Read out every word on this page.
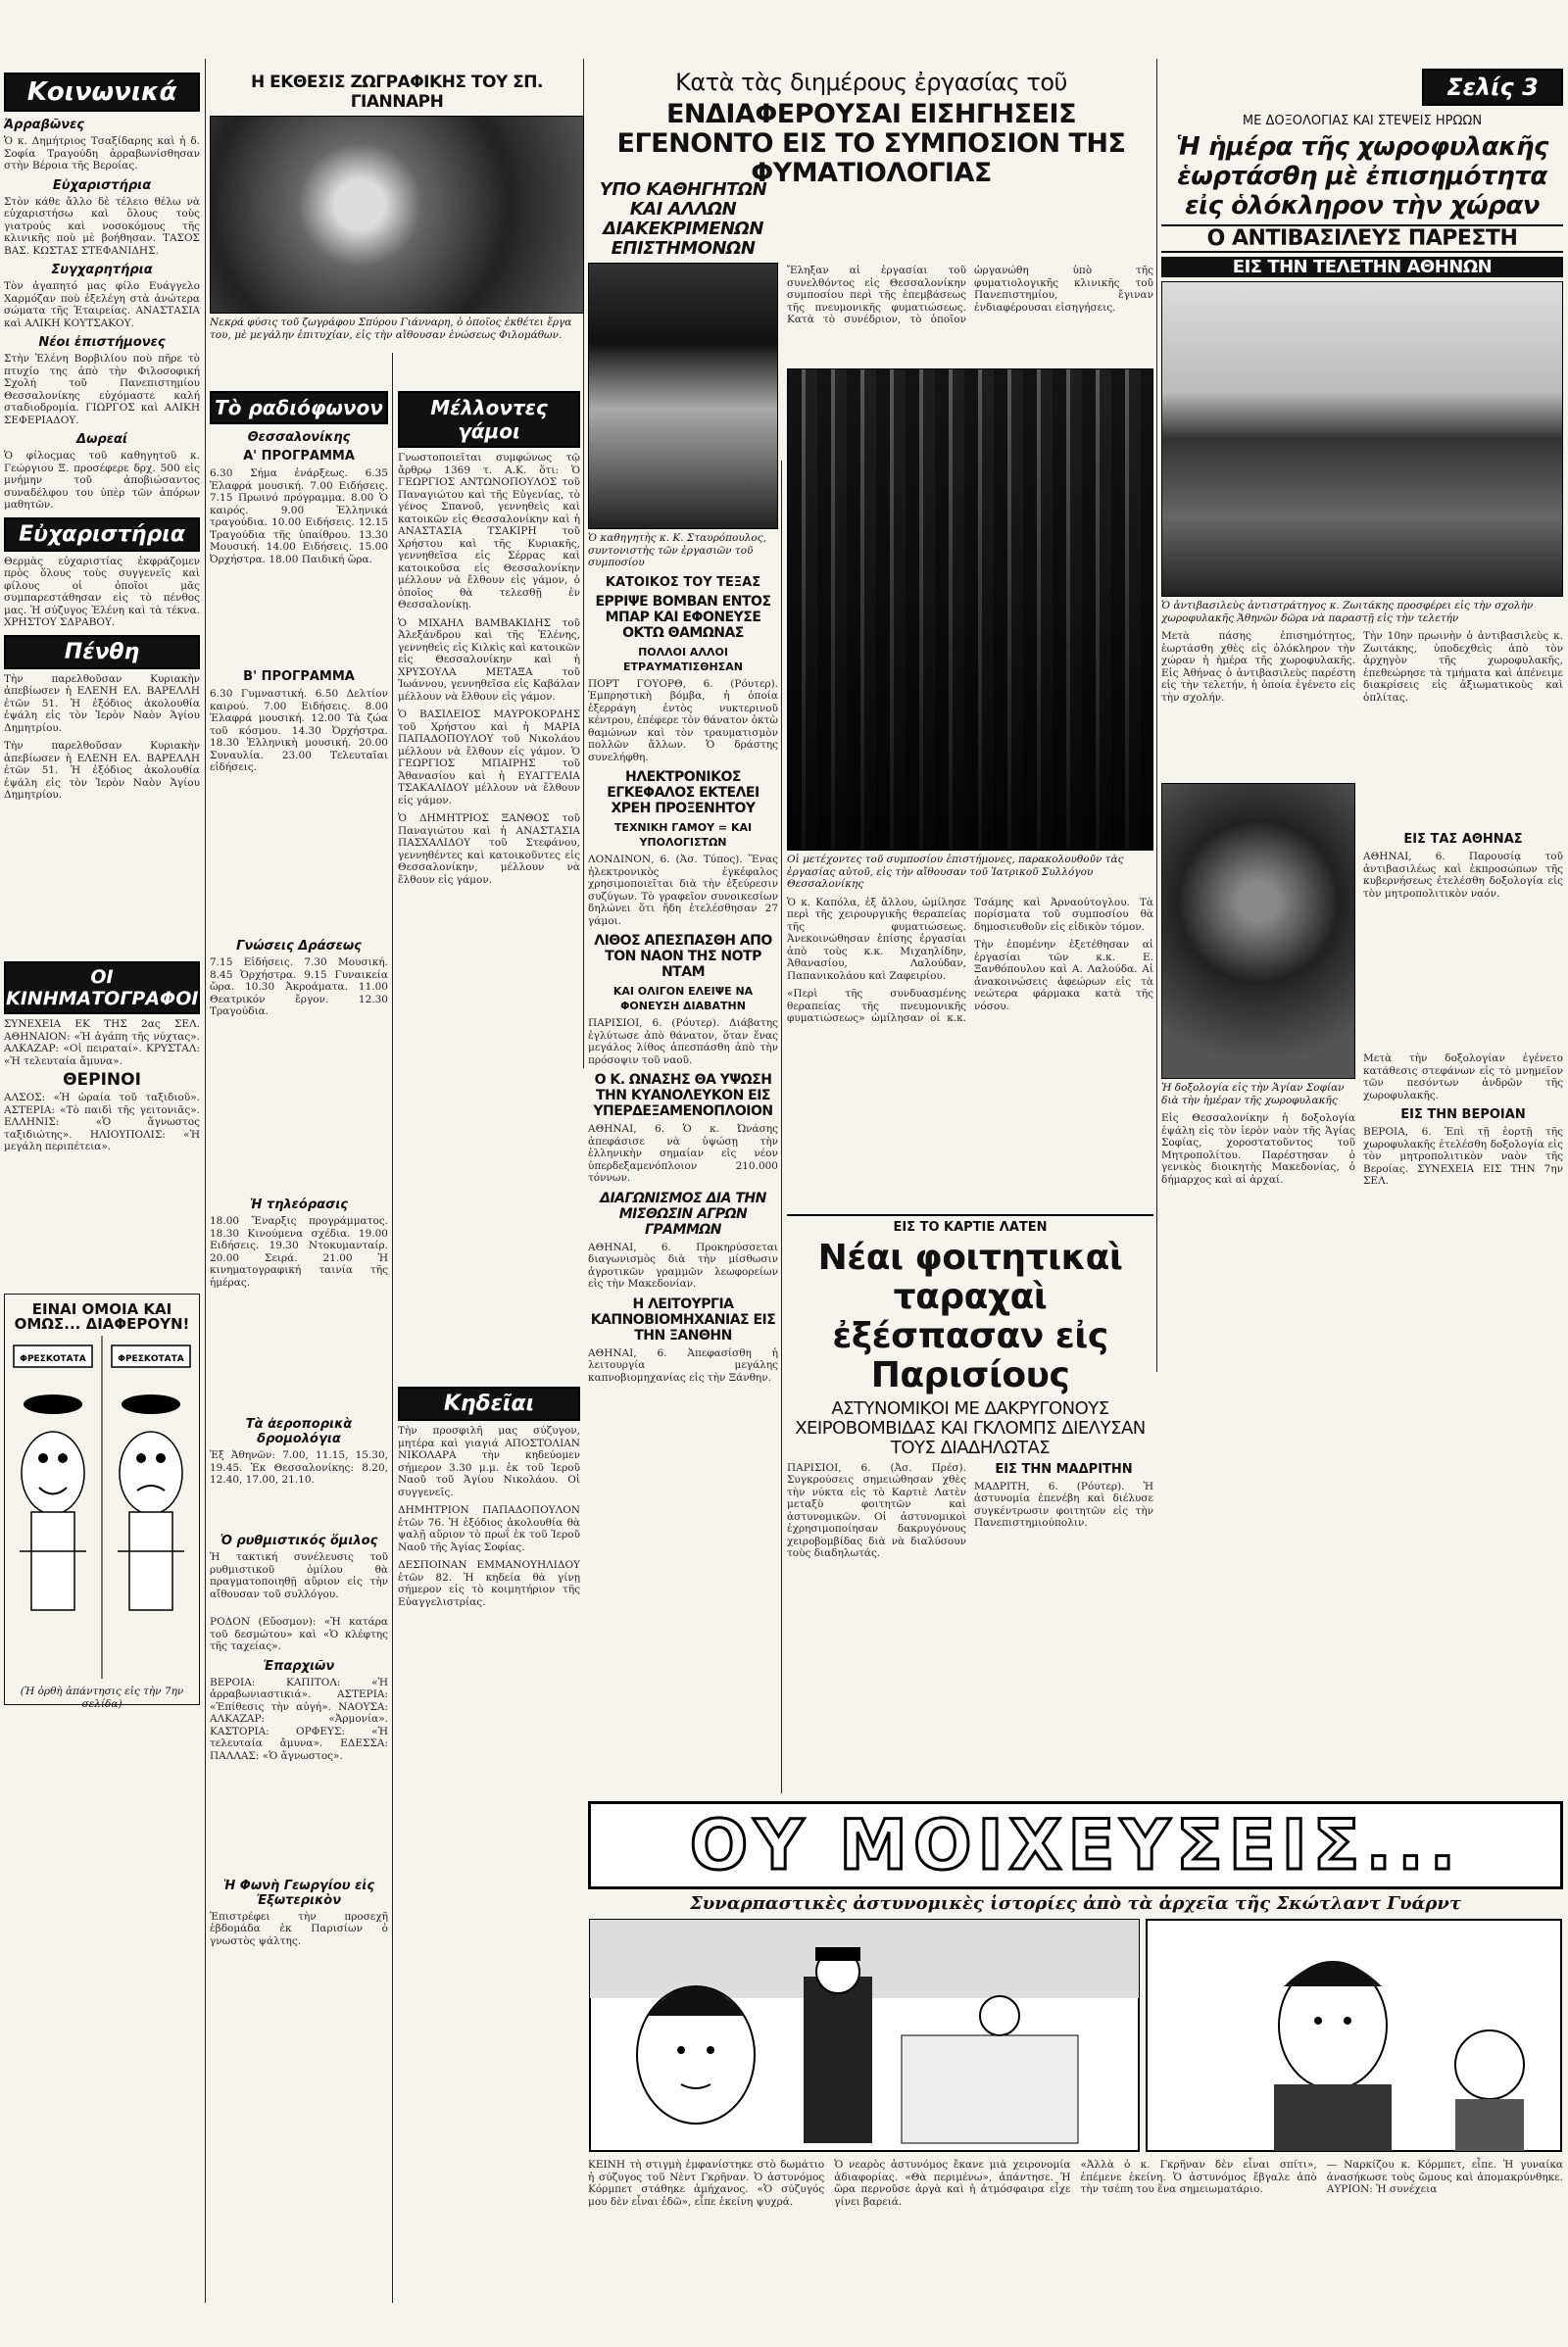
Κοινωνικά
Ἀρραβῶνες

Ὁ κ. Δημήτριος Τσαξίδαρης καὶ ἡ δ. Σοφία Τραγούδη ἀρραβωνίσθησαν στὴν Βέροια τῆς Βεροίας.

Εὐχαριστήρια

Στὸν κάθε ἄλλο δὲ τέλειο θέλω νὰ εὐχαριστήσω καὶ ὅλους τοὺς γιατρούς καὶ νοσοκόμους τῆς κλινικῆς ποὺ μὲ βοήθησαν. ΤΑΣΟΣ ΒΑΣ. ΚΩΣΤΑΣ ΣΤΕΦΑΝΙΔΗΣ.

Συγχαρητήρια

Τὸν ἀγαπητό μας φίλο Ευάγγελο Χαρμόζαν ποὺ ἐξελέγη στὰ ἀνώτερα σώματα τῆς Ἑταιρείας. ΑΝΑΣΤΑΣΙΑ καὶ ΑΛΙΚΗ ΚΟΥΤΣΑΚΟΥ.

Νέοι ἐπιστήμονες

Στὴν Ἐλένη Βορβιλίου ποὺ πῆρε τὸ πτυχίο της ἀπὸ τὴν Φιλοσοφική Σχολή τοῦ Πανεπιστημίου Θεσσαλονίκης εὐχόμαστε καλή σταδιοδρομία. ΓΙΩΡΓΟΣ καὶ ΑΛΙΚΗ ΣΕΦΕΡΙΑΔΟΥ.

Δωρεαί

Ὁ φίλοςμας τοῦ καθηγητοῦ κ. Γεώργιου Ξ. προσέφερε δρχ. 500 εἰς μνήμην τοῦ ἀποβιώσαντος συναδέλφου του ὑπὲρ τῶν ἀπόρων μαθητῶν.

Εὐχαριστήρια

Θερμὰς εὐχαριστίας ἐκφράζομεν πρὸς ὅλους τοὺς συγγενεῖς καὶ φίλους οἱ ὁποῖοι μᾶς συμπαρεστάθησαν εἰς τὸ πένθος μας. Ἡ σύζυγος Ἐλένη καὶ τὰ τέκνα. ΧΡΗΣΤΟΥ ΣΔΡΑΒΟΥ.

Πένθη

Τὴν παρελθοῦσαν Κυριακὴν ἀπεβίωσεν ἡ ΕΛΕΝΗ ΕΛ. ΒΑΡΕΛΛΗ ἐτῶν 51. Ἡ ἐξόδιος ἀκολουθία ἐψάλη εἰς τὸν Ἱερὸν Ναὸν Ἁγίου Δημητρίου.

Τὴν παρελθοῦσαν Κυριακὴν ἀπεβίωσεν ἡ ΕΛΕΝΗ ΕΛ. ΒΑΡΕΛΛΗ ἐτῶν 51. Ἡ ἐξόδιος ἀκολουθία ἐψάλη εἰς τὸν Ἱερὸν Ναὸν Ἁγίου Δημητρίου.

ΟΙ ΚΙΝΗΜΑΤΟΓΡΑΦΟΙ

ΣΥΝΕΧΕΙΑ ΕΚ ΤΗΣ 2ας ΣΕΛ. ΑΘΗΝΑΙΟΝ: «Ἡ ἀγάπη τῆς νύχτας». ΑΛΚΑΖΑΡ: «Οἱ πειραταί». ΚΡΥΣΤΑΛ: «Ἡ τελευταία ἄμυνα».

ΘΕΡΙΝΟΙ

ΑΛΣΟΣ: «Ἡ ὡραία τοῦ ταξιδιοῦ». ΑΣΤΕΡΙΑ: «Τὸ παιδὶ τῆς γειτονιᾶς». ΕΛΛΗΝΙΣ: «Ὁ ἄγνωστος ταξιδιώτης». ΗΛΙΟΥΠΟΛΙΣ: «Ἡ μεγάλη περιπέτεια».

ΕΙΝΑΙ ΟΜΟΙΑ ΚΑΙ ΟΜΩΣ... ΔΙΑΦΕΡΟΥΝ!
ΦΡΕΣΚΟΤΑΤΑ	ΦΡΕΣΚΟΤΑΤΑ
(Ἡ ὀρθὴ ἀπάντησις εἰς τὴν 7ην σελίδα)
Η ΕΚΘΕΣΙΣ ΖΩΓΡΑΦΙΚΗΣ ΤΟΥ ΣΠ. ΓΙΑΝΝΑΡΗ
Νεκρά φύσις τοῦ ζωγράφου Σπύρου Γιάνναρη, ὁ ὁποῖος ἐκθέτει ἔργα του, μὲ μεγάλην ἐπιτυχίαν, εἰς τὴν αἴθουσαν ἐνώσεως Φιλομάθων.
Τὸ ραδιόφωνον
Θεσσαλονίκης
Α' ΠΡΟΓΡΑΜΜΑ

6.30 Σήμα ἐνάρξεως. 6.35 Ἑλαφρά μουσική. 7.00 Ειδήσεις. 7.15 Πρωινό πρόγραμμα. 8.00 Ὁ καιρός. 9.00 Ἑλληνικά τραγούδια. 10.00 Ειδήσεις. 12.15 Τραγούδια τῆς ὑπαίθρου. 13.30 Μουσική. 14.00 Ειδήσεις. 15.00 Ὀρχήστρα. 18.00 Παιδική ὥρα.

Β' ΠΡΟΓΡΑΜΜΑ

6.30 Γυμναστική. 6.50 Δελτίον καιρού. 7.00 Ειδήσεις. 8.00 Ἐλαφρά μουσική. 12.00 Τὰ ζώα τοῦ κόσμου. 14.30 Ὀρχήστρα. 18.30 Ἑλληνικὴ μουσική. 20.00 Συναυλία. 23.00 Τελευταῖαι εἰδήσεις.

Γνώσεις Δράσεως

7.15 Εἰδήσεις. 7.30 Μουσική. 8.45 Ὀρχήστρα. 9.15 Γυναικεία ὥρα. 10.30 Ἀκροάματα. 11.00 Θεατρικόν ἔργον. 12.30 Τραγούδια.

Ἡ τηλεόρασις

18.00 Ἔναρξις προγράμματος. 18.30 Κινούμενα σχέδια. 19.00 Ειδήσεις. 19.30 Ντοκυμανταίρ. 20.00 Σειρά. 21.00 Ἡ κινηματογραφική ταινία τῆς ἡμέρας.

Τὰ ἀεροπορικὰ δρομολόγια

Ἐξ Ἀθηνῶν: 7.00, 11.15, 15.30, 19.45. Ἐκ Θεσσαλονίκης: 8.20, 12.40, 17.00, 21.10.

Ὁ ρυθμιστικός ὅμιλος

Ἡ τακτική συνέλευσις τοῦ ρυθμιστικοῦ ὁμίλου θὰ πραγματοποιηθῇ αὔριον εἰς τὴν αἴθουσαν τοῦ συλλόγου.

ΡΟΔΟΝ (Εὔοσμον): «Ἡ κατάρα τοῦ δεσμώτου» καὶ «Ὁ κλέφτης τῆς ταχείας».

Ἐπαρχιῶν

ΒΕΡΟΙΑ: ΚΑΠΙΤΟΛ: «Ἡ ἀρραβωνιαστικιά». ΑΣΤΕΡΙΑ: «Ἐπίθεσις τὴν αὐγή». ΝΑΟΥΣΑ: ΑΛΚΑΖΑΡ: «Ἀρμονία». ΚΑΣΤΟΡΙΑ: ΟΡΦΕΥΣ: «Ἡ τελευταία ἄμυνα». ΕΔΕΣΣΑ: ΠΑΛΛΑΣ: «Ὁ ἄγνωστος».

Ἡ Φωνὴ Γεωργίου εἰς Ἐξωτερικὸν

Ἐπιστρέφει τὴν προσεχῆ ἑβδομάδα ἐκ Παρισίων ὁ γνωστὸς ψάλτης.

Μέλλοντες γάμοι

Γνωστοποιεῖται συμφώνως τῷ ἄρθρῳ 1369 τ. Α.Κ. ὅτι: Ὁ ΓΕΩΡΓΙΟΣ ΑΝΤΩΝΟΠΟΥΛΟΣ τοῦ Παναγιώτου καὶ τῆς Εὐγενίας, τὸ γένος Σπανοῦ, γεννηθεὶς καὶ κατοικῶν εἰς Θεσσαλονίκην καὶ ἡ ΑΝΑΣΤΑΣΙΑ ΤΣΑΚΙΡΗ τοῦ Χρήστου καὶ τῆς Κυριακῆς, γεννηθεῖσα εἰς Σέρρας καὶ κατοικοῦσα εἰς Θεσσαλονίκην μέλλουν νὰ ἔλθουν εἰς γάμον, ὁ ὁποῖος θὰ τελεσθῇ ἐν Θεσσαλονίκῃ.

Ὁ ΜΙΧΑΗΛ ΒΑΜΒΑΚΙΔΗΣ τοῦ Ἀλεξάνδρου καὶ τῆς Ἑλένης, γεννηθεὶς εἰς Κιλκὶς καὶ κατοικῶν εἰς Θεσσαλονίκην καὶ ἡ ΧΡΥΣΟΥΛΑ ΜΕΤΑΞΑ τοῦ Ἰωάννου, γεννηθεῖσα εἰς Καβάλαν μέλλουν νὰ ἔλθουν εἰς γάμον.

Ὁ ΒΑΣΙΛΕΙΟΣ ΜΑΥΡΟΚΟΡΔΗΣ τοῦ Χρήστου καὶ ἡ ΜΑΡΙΑ ΠΑΠΑΔΟΠΟΥΛΟΥ τοῦ Νικολάου μέλλουν νὰ ἔλθουν εἰς γάμον. Ὁ ΓΕΩΡΓΙΟΣ ΜΠΑΙΡΗΣ τοῦ Ἀθανασίου καὶ ἡ ΕΥΑΓΓΕΛΙΑ ΤΣΑΚΑΛΙΔΟΥ μέλλουν νὰ ἔλθουν εἰς γάμον.

Ὁ ΔΗΜΗΤΡΙΟΣ ΞΑΝΘΟΣ τοῦ Παναγιώτου καὶ ἡ ΑΝΑΣΤΑΣΙΑ ΠΑΣΧΑΛΙΔΟΥ τοῦ Στεφάνου, γεννηθέντες καὶ κατοικοῦντες εἰς Θεσσαλονίκην, μέλλουν νὰ ἔλθουν εἰς γάμον.

Κηδεῖαι

Τὴν προσφιλῆ μας σύζυγον, μητέρα καὶ γιαγιά ΑΠΟΣΤΟΛΙΑΝ ΝΙΚΟΛΑΡΑ τὴν κηδεύομεν σήμερον 3.30 μ.μ. ἐκ τοῦ Ἱεροῦ Ναοῦ τοῦ Ἁγίου Νικολάου. Οἱ συγγενεῖς.

ΔΗΜΗΤΡΙΟΝ ΠΑΠΑΔΟΠΟΥΛΟΝ ἐτῶν 76. Ἡ ἐξόδιος ἀκολουθία θὰ ψαλῇ αὔριον τὸ πρωΐ ἐκ τοῦ Ἱεροῦ Ναοῦ τῆς Ἁγίας Σοφίας.

ΔΕΣΠΟΙΝΑΝ ΕΜΜΑΝΟΥΗΛΙΔΟΥ ἐτῶν 82. Ἡ κηδεία θὰ γίνῃ σήμερον εἰς τὸ κοιμητήριον τῆς Εὐαγγελιστρίας.

Κατὰ τὰς διημέρους ἐργασίας τοῦ
ΕΝΔΙΑΦΕΡΟΥΣΑΙ ΕΙΣΗΓΗΣΕΙΣ ΕΓΕΝΟΝΤΟ ΕΙΣ ΤΟ ΣΥΜΠΟΣΙΟΝ ΤΗΣ ΦΥΜΑΤΙΟΛΟΓΙΑΣ
ΥΠΟ ΚΑΘΗΓΗΤΩΝ ΚΑΙ ΑΛΛΩΝ ΔΙΑΚΕΚΡΙΜΕΝΩΝ ΕΠΙΣΤΗΜΟΝΩΝ
Ὁ καθηγητὴς κ. Κ. Σταυρόπουλος, συντονιστὴς τῶν ἐργασιῶν τοῦ συμποσίου
ΚΑΤΟΙΚΟΣ ΤΟΥ ΤΕΞΑΣ
ΕΡΡΙΨΕ ΒΟΜΒΑΝ ΕΝΤΟΣ ΜΠΑΡ ΚΑΙ ΕΦΟΝΕΥΣΕ ΟΚΤΩ ΘΑΜΩΝΑΣ
ΠΟΛΛΟΙ ΑΛΛΟΙ ΕΤΡΑΥΜΑΤΙΣΘΗΣΑΝ

ΠΟΡΤ ΓΟΥΟΡΘ, 6. (Ρόυτερ). Ἐμπρηστικὴ βόμβα, ἡ ὁποία ἐξερράγη ἐντὸς νυκτερινοῦ κέντρου, ἐπέφερε τὸν θάνατον ὀκτὼ θαμώνων καὶ τὸν τραυματισμὸν πολλῶν ἄλλων. Ὁ δράστης συνελήφθη.

ΗΛΕΚΤΡΟΝΙΚΟΣ ΕΓΚΕΦΑΛΟΣ ΕΚΤΕΛΕΙ ΧΡΕΗ ΠΡΟΞΕΝΗΤΟΥ
ΤΕΧΝΙΚΗ ΓΑΜΟΥ = ΚΑΙ ΥΠΟΛΟΓΙΣΤΩΝ

ΛΟΝΔΙΝΟΝ, 6. (Ἀσ. Τύπος). Ἕνας ἠλεκτρονικὸς ἐγκέφαλος χρησιμοποιεῖται διὰ τὴν ἐξεύρεσιν συζύγων. Τὸ γραφεῖον συνοικεσίων δηλώνει ὅτι ἤδη ἐτελέσθησαν 27 γάμοι.

ΛΙΘΟΣ ΑΠΕΣΠΑΣΘΗ ΑΠΟ ΤΟΝ ΝΑΟΝ ΤΗΣ ΝΟΤΡ ΝΤΑΜ
ΚΑΙ ΟΛΙΓΟΝ ΕΛΕΙΨΕ ΝΑ ΦΟΝΕΥΣΗ ΔΙΑΒΑΤΗΝ

ΠΑΡΙΣΙΟΙ, 6. (Ρόυτερ). Διάβατης ἐγλύτωσε ἀπὸ θάνατον, ὅταν ἕνας μεγάλος λίθος ἀπεσπάσθη ἀπὸ τὴν πρόσοψιν τοῦ ναοῦ.

Ο Κ. ΩΝΑΣΗΣ ΘΑ ΥΨΩΣΗ ΤΗΝ ΚΥΑΝΟΛΕΥΚΟΝ ΕΙΣ ΥΠΕΡΔΕΞΑΜΕΝΟΠΛΟΙΟΝ

ΑΘΗΝΑΙ, 6. Ὁ κ. Ὠνάσης ἀπεφάσισε νὰ ὑψώσῃ τὴν ἑλληνικὴν σημαίαν εἰς νέον ὑπερδεξαμενόπλοιον 210.000 τόννων.

ΔΙΑΓΩΝΙΣΜΟΣ ΔΙΑ ΤΗΝ ΜΙΣΘΩΣΙΝ ΑΓΡΩΝ ΓΡΑΜΜΩΝ

ΑΘΗΝΑΙ, 6. Προκηρύσσεται διαγωνισμὸς διὰ τὴν μίσθωσιν ἀγροτικῶν γραμμῶν λεωφορείων εἰς τὴν Μακεδονίαν.

Η ΛΕΙΤΟΥΡΓΙΑ ΚΑΠΝΟΒΙΟΜΗΧΑΝΙΑΣ ΕΙΣ ΤΗΝ ΞΑΝΘΗΝ

ΑΘΗΝΑΙ, 6. Ἀπεφασίσθη ἡ λειτουργία μεγάλης καπνοβιομηχανίας εἰς τὴν Ξάνθην.

Ἔληξαν αἱ ἐργασίαι τοῦ συνελθόντος εἰς Θεσσαλονίκην συμποσίου περὶ τῆς ἐπεμβάσεως τῆς πνευμονικῆς φυματιώσεως. Κατὰ τὸ συνέδριον, τὸ ὁποῖον ὠργανώθη ὑπὸ τῆς φυματιολογικῆς κλινικῆς τοῦ Πανεπιστημίου, ἔγιναν ἐνδιαφέρουσαι εἰσηγήσεις.

Οἱ μετέχοντες τοῦ συμποσίου ἐπιστήμονες, παρακολουθοῦν τὰς ἐργασίας αὐτοῦ, εἰς τὴν αἴθουσαν τοῦ Ἰατρικοῦ Συλλόγου Θεσσαλονίκης

Ὁ κ. Καπόλα, ἐξ ἄλλου, ὡμίλησε περὶ τῆς χειρουργικῆς θεραπείας τῆς φυματιώσεως. Ἀνεκοινώθησαν ἐπίσης ἐργασίαι ἀπὸ τοὺς κ.κ. Μιχαηλίδην, Ἀθανασίου, Λαλούδαν, Παπανικολάου καὶ Ζαφειρίου.

«Περὶ τῆς συνδυασμένης θεραπείας τῆς πνευμονικῆς φυματιώσεως» ὡμίλησαν οἱ κ.κ. Τσάμης καὶ Ἀρναούτογλου. Τὰ πορίσματα τοῦ συμποσίου θὰ δημοσιευθοῦν εἰς εἰδικὸν τόμον.

Τὴν ἐπομένην ἐξετέθησαν αἱ ἐργασίαι τῶν κ.κ. Ε. Ξανθόπουλου καὶ Α. Λαλούδα. Αἱ ἀνακοινώσεις ἀφεώρων εἰς τὰ νεώτερα φάρμακα κατὰ τῆς νόσου.

ΕΙΣ ΤΟ ΚΑΡΤΙΕ ΛΑΤΕΝ
Νέαι φοιτητικαὶ ταραχαὶ ἐξέσπασαν εἰς Παρισίους
ΑΣΤΥΝΟΜΙΚΟΙ ΜΕ ΔΑΚΡΥΓΟΝΟΥΣ ΧΕΙΡΟΒΟΜΒΙΔΑΣ ΚΑΙ ΓΚΛΟΜΠΣ ΔΙΕΛΥΣΑΝ ΤΟΥΣ ΔΙΑΔΗΛΩΤΑΣ

ΠΑΡΙΣΙΟΙ, 6. (Ἀσ. Πρέσ). Συγκρούσεις σημειώθησαν χθὲς τὴν νύκτα εἰς τὸ Καρτιὲ Λατὲν μεταξὺ φοιτητῶν καὶ ἀστυνομικῶν. Οἱ ἀστυνομικοὶ ἐχρησιμοποίησαν δακρυγόνους χειροβομβίδας διὰ νὰ διαλύσουν τοὺς διαδηλωτάς.

ΕΙΣ ΤΗΝ ΜΑΔΡΙΤΗΝ

ΜΑΔΡΙΤΗ, 6. (Ρόυτερ). Ἡ ἀστυνομία ἐπενέβη καὶ διέλυσε συγκέντρωσιν φοιτητῶν εἰς τὴν Πανεπιστημιούπολιν.

Σελίς 3
ΜΕ ΔΟΞΟΛΟΓΙΑΣ ΚΑΙ ΣΤΕΨΕΙΣ ΗΡΩΩΝ
Ἡ ἡμέρα τῆς χωροφυλακῆς ἑωρτάσθη μὲ ἐπισημότητα εἰς ὁλόκληρον τὴν χώραν
Ο ΑΝΤΙΒΑΣΙΛΕΥΣ ΠΑΡΕΣΤΗ
ΕΙΣ ΤΗΝ ΤΕΛΕΤΗΝ ΑΘΗΝΩΝ
Ὁ ἀντιβασιλεὺς ἀντιστράτηγος κ. Ζωιτάκης προσφέρει εἰς τὴν σχολὴν χωροφυλακῆς Ἀθηνῶν δῶρα νὰ παραστῇ εἰς τὴν τελετήν

Μετὰ πάσης ἐπισημότητος, ἑωρτάσθη χθὲς εἰς ὁλόκληρον τὴν χώραν ἡ ἡμέρα τῆς χωροφυλακῆς. Εἰς Ἀθήνας ὁ ἀντιβασιλεὺς παρέστη εἰς τὴν τελετήν, ἡ ὁποία ἐγένετο εἰς τὴν σχολήν.

Ἡ δοξολογία εἰς τὴν Ἁγίαν Σοφίαν διὰ τὴν ἡμέραν τῆς χωροφυλακῆς

Εἰς Θεσσαλονίκην ἡ δοξολογία ἐψάλη εἰς τὸν ἱερὸν ναὸν τῆς Ἁγίας Σοφίας, χοροστατοῦντος τοῦ Μητροπολίτου. Παρέστησαν ὁ γενικὸς διοικητὴς Μακεδονίας, ὁ δήμαρχος καὶ αἱ ἀρχαί.

Τὴν 10ην πρωινὴν ὁ ἀντιβασιλεὺς κ. Ζωιτάκης, ὑποδεχθεὶς ἀπὸ τὸν ἀρχηγὸν τῆς χωροφυλακῆς, ἐπεθεώρησε τὰ τμήματα καὶ ἀπένειμε διακρίσεις εἰς ἀξιωματικοὺς καὶ ὁπλίτας.

ΕΙΣ ΤΑΣ ΑΘΗΝΑΣ

ΑΘΗΝΑΙ, 6. Παρουσίᾳ τοῦ ἀντιβασιλέως καὶ ἐκπροσώπων τῆς κυβερνήσεως ἐτελέσθη δοξολογία εἰς τὸν μητροπολιτικὸν ναόν.

Μετὰ τὴν δοξολογίαν ἐγένετο κατάθεσις στεφάνων εἰς τὸ μνημεῖον τῶν πεσόντων ἀνδρῶν τῆς χωροφυλακῆς.

ΕΙΣ ΤΗΝ ΒΕΡΟΙΑΝ

ΒΕΡΟΙΑ, 6. Ἐπὶ τῇ ἑορτῇ τῆς χωροφυλακῆς ἐτελέσθη δοξολογία εἰς τὸν μητροπολιτικὸν ναὸν τῆς Βεροίας. ΣΥΝΕΧΕΙΑ ΕΙΣ ΤΗΝ 7ην ΣΕΛ.

ΟΥ ΜΟΙΧΕΥΣΕΙΣ...
Συναρπαστικὲς ἀστυνομικὲς ἱστορίες ἀπὸ τὰ ἀρχεῖα τῆς Σκώτλαντ Γυάρντ

ΚΕΙΝΗ τὴ στιγμὴ ἐμφανίστηκε στὸ δωμάτιο ἡ σύζυγος τοῦ Νὲντ Γκρῆναν. Ὁ ἀστυνόμος Κόρμπετ στάθηκε ἀμήχανος. «Ὁ σύζυγός μου δὲν εἶναι ἐδῶ», εἶπε ἐκείνη ψυχρά.

Ὁ νεαρὸς ἀστυνόμος ἔκανε μιὰ χειρονομία ἀδιαφορίας. «Θὰ περιμένω», ἀπάντησε. Ἡ ὥρα περνοῦσε ἀργὰ καὶ ἡ ἀτμόσφαιρα εἶχε γίνει βαρειά.

«Ἀλλὰ ὁ κ. Γκρῆναν δὲν εἶναι σπίτι», ἐπέμενε ἐκείνη. Ὁ ἀστυνόμος ἔβγαλε ἀπὸ τὴν τσέπη του ἕνα σημειωματάριο.

— Ναρκίζου κ. Κόρμπετ, εἶπε. Ἡ γυναίκα ἀνασήκωσε τοὺς ὤμους καὶ ἀπομακρύνθηκε. ΑΥΡΙΟΝ: Ἡ συνέχεια
